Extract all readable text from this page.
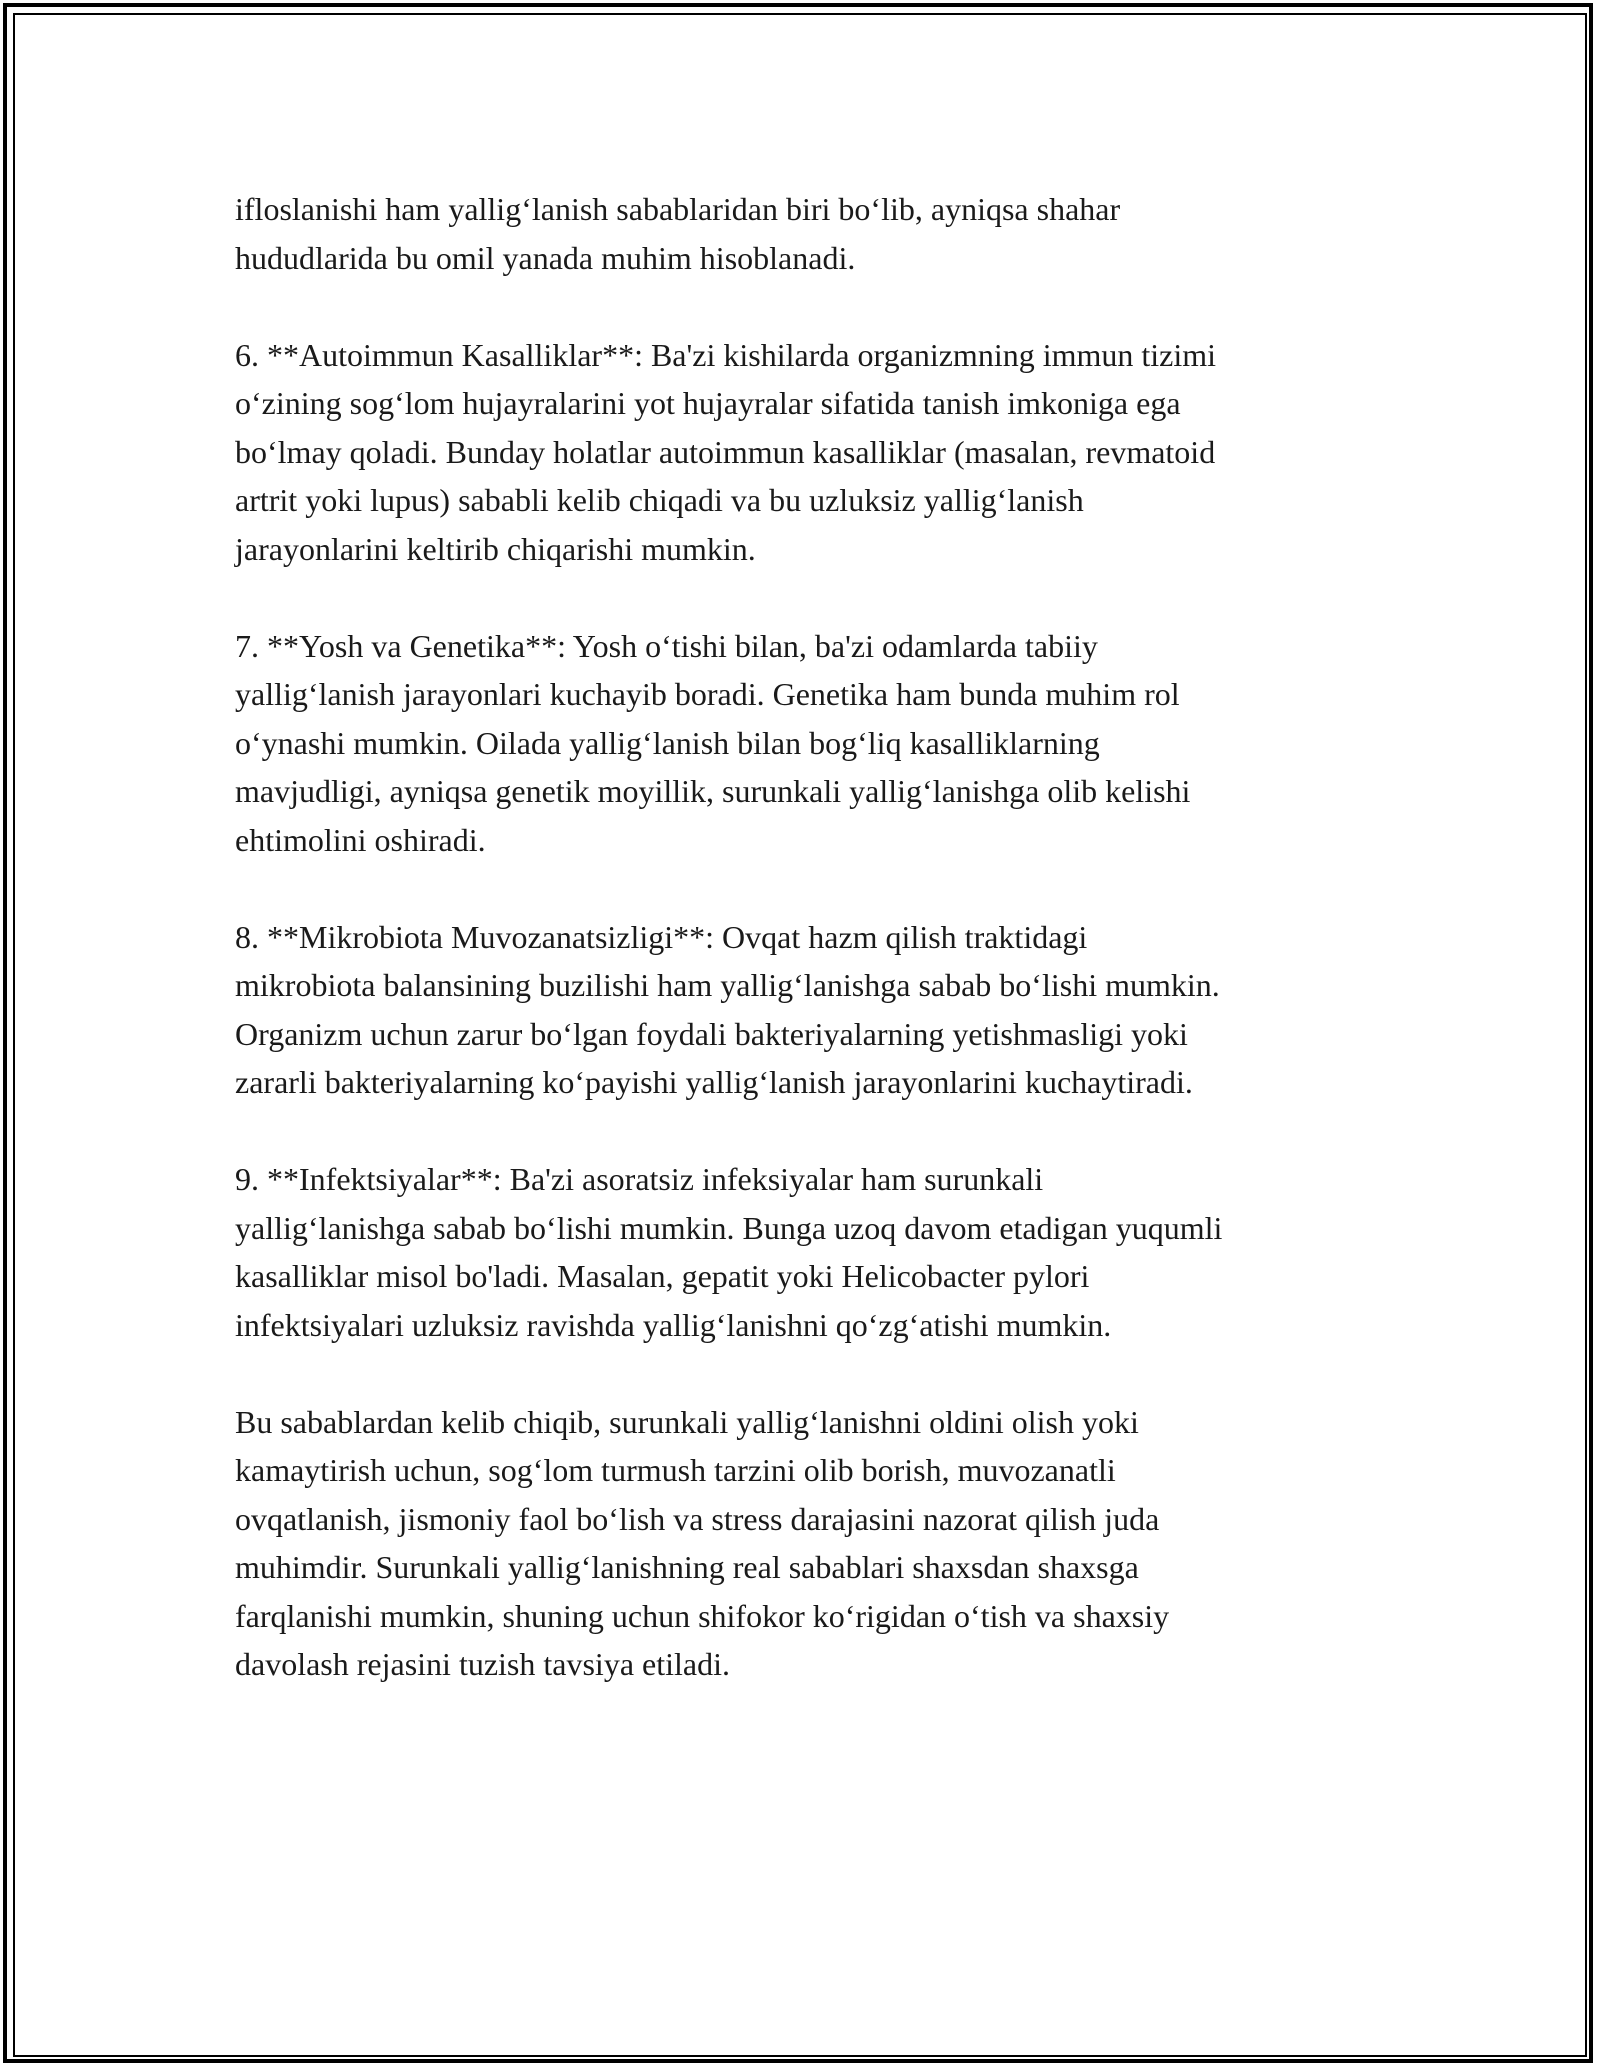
ifloslanishi ham yallig‘lanish sabablaridan biri bo‘lib, ayniqsa shahar
hududlarida bu omil yanada muhim hisoblanadi.

6. **Autoimmun Kasalliklar**: Ba'zi kishilarda organizmning immun tizimi
o‘zining sog‘lom hujayralarini yot hujayralar sifatida tanish imkoniga ega
bo‘lmay qoladi. Bunday holatlar autoimmun kasalliklar (masalan, revmatoid
artrit yoki lupus) sababli kelib chiqadi va bu uzluksiz yallig‘lanish
jarayonlarini keltirib chiqarishi mumkin.

7. **Yosh va Genetika**: Yosh o‘tishi bilan, ba'zi odamlarda tabiiy
yallig‘lanish jarayonlari kuchayib boradi. Genetika ham bunda muhim rol
o‘ynashi mumkin. Oilada yallig‘lanish bilan bog‘liq kasalliklarning
mavjudligi, ayniqsa genetik moyillik, surunkali yallig‘lanishga olib kelishi
ehtimolini oshiradi.

8. **Mikrobiota Muvozanatsizligi**: Ovqat hazm qilish traktidagi
mikrobiota balansining buzilishi ham yallig‘lanishga sabab bo‘lishi mumkin.
Organizm uchun zarur bo‘lgan foydali bakteriyalarning yetishmasligi yoki
zararli bakteriyalarning ko‘payishi yallig‘lanish jarayonlarini kuchaytiradi.

9. **Infektsiyalar**: Ba'zi asoratsiz infeksiyalar ham surunkali
yallig‘lanishga sabab bo‘lishi mumkin. Bunga uzoq davom etadigan yuqumli
kasalliklar misol bo'ladi. Masalan, gepatit yoki Helicobacter pylori
infektsiyalari uzluksiz ravishda yallig‘lanishni qo‘zg‘atishi mumkin.

Bu sabablardan kelib chiqib, surunkali yallig‘lanishni oldini olish yoki
kamaytirish uchun, sog‘lom turmush tarzini olib borish, muvozanatli
ovqatlanish, jismoniy faol bo‘lish va stress darajasini nazorat qilish juda
muhimdir. Surunkali yallig‘lanishning real sabablari shaxsdan shaxsga
farqlanishi mumkin, shuning uchun shifokor ko‘rigidan o‘tish va shaxsiy
davolash rejasini tuzish tavsiya etiladi.
